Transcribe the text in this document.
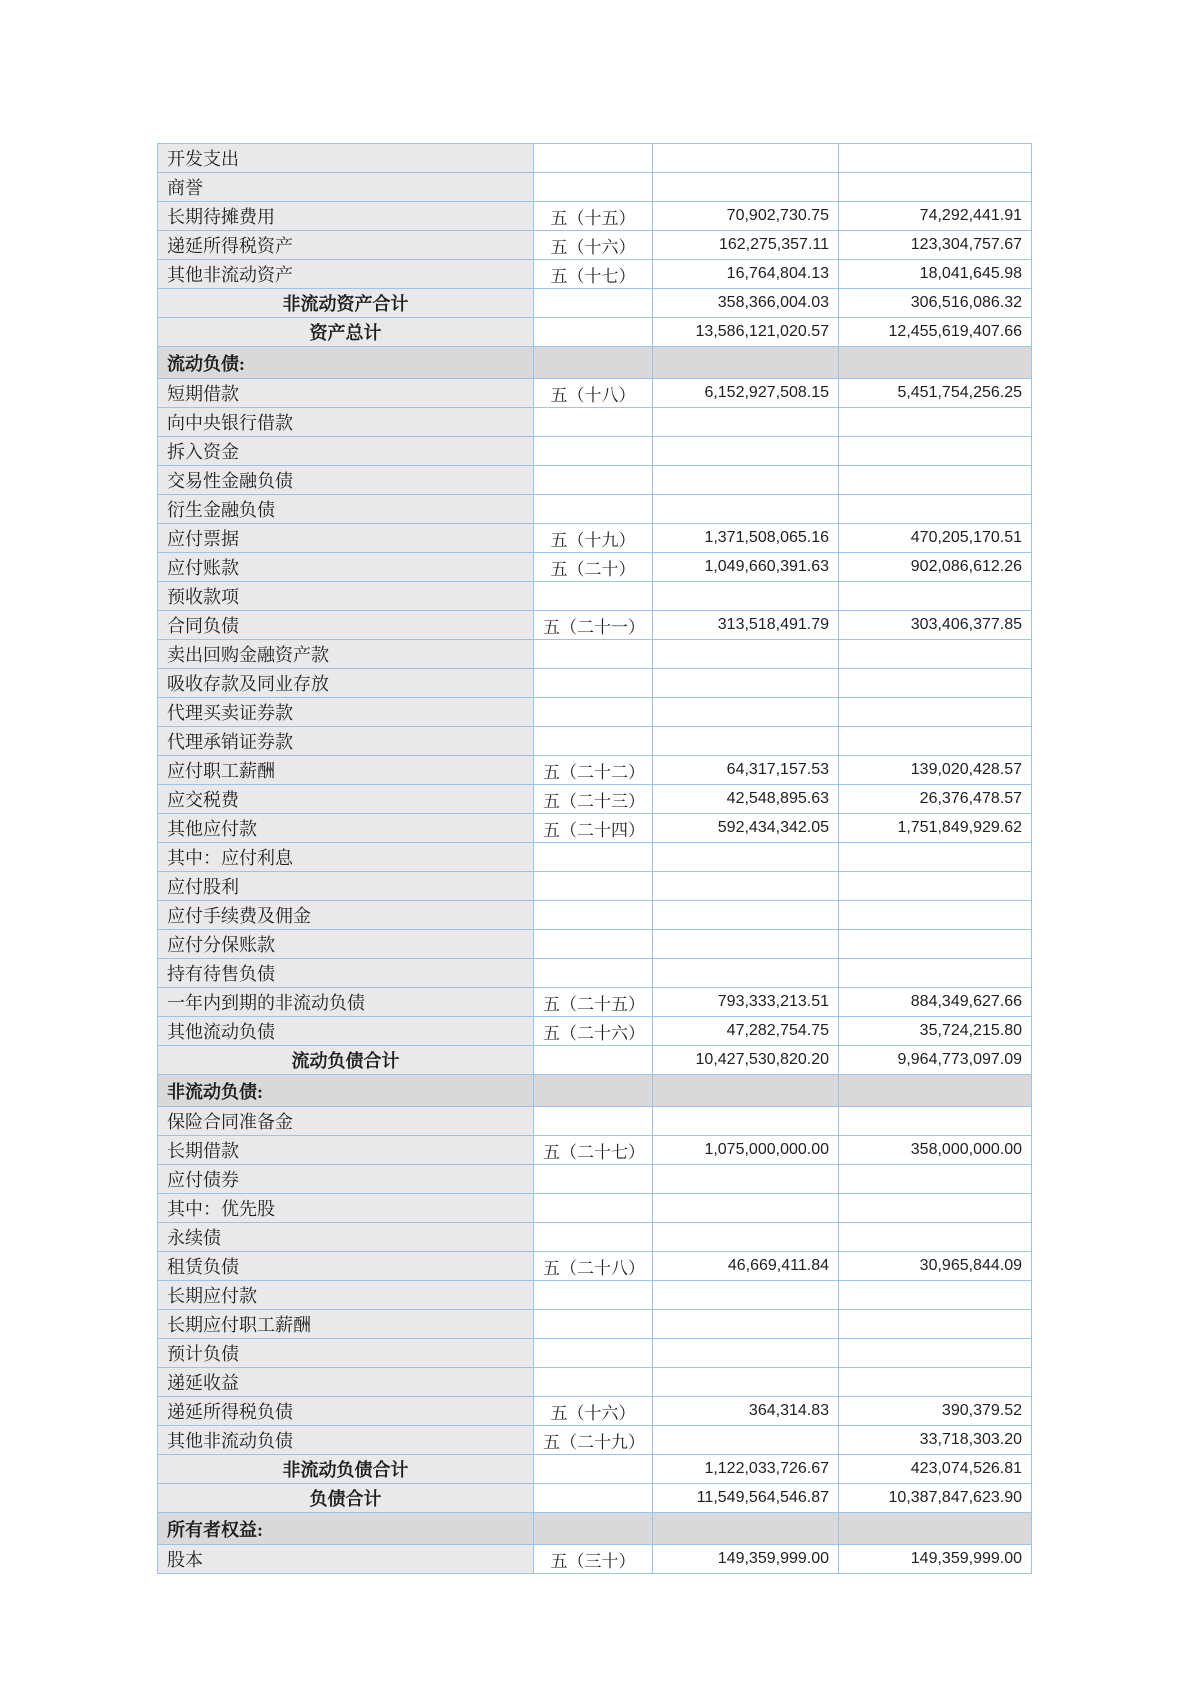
开发支出			
商誉			
长期待摊费用	五（十五）	70,902,730.75	74,292,441.91
递延所得税资产	五（十六）	162,275,357.11	123,304,757.67
其他非流动资产	五（十七）	16,764,804.13	18,041,645.98
非流动资产合计		358,366,004.03	306,516,086.32
资产总计		13,586,121,020.57	12,455,619,407.66
流动负债:			
短期借款	五（十八）	6,152,927,508.15	5,451,754,256.25
向中央银行借款			
拆入资金			
交易性金融负债			
衍生金融负债			
应付票据	五（十九）	1,371,508,065.16	470,205,170.51
应付账款	五（二十）	1,049,660,391.63	902,086,612.26
预收款项			
合同负债	五（二十一）	313,518,491.79	303,406,377.85
卖出回购金融资产款			
吸收存款及同业存放			
代理买卖证券款			
代理承销证券款			
应付职工薪酬	五（二十二）	64,317,157.53	139,020,428.57
应交税费	五（二十三）	42,548,895.63	26,376,478.57
其他应付款	五（二十四）	592,434,342.05	1,751,849,929.62
其中：应付利息			
应付股利			
应付手续费及佣金			
应付分保账款			
持有待售负债			
一年内到期的非流动负债	五（二十五）	793,333,213.51	884,349,627.66
其他流动负债	五（二十六）	47,282,754.75	35,724,215.80
流动负债合计		10,427,530,820.20	9,964,773,097.09
非流动负债:			
保险合同准备金			
长期借款	五（二十七）	1,075,000,000.00	358,000,000.00
应付债券			
其中：优先股			
永续债			
租赁负债	五（二十八）	46,669,411.84	30,965,844.09
长期应付款			
长期应付职工薪酬			
预计负债			
递延收益			
递延所得税负债	五（十六）	364,314.83	390,379.52
其他非流动负债	五（二十九）		33,718,303.20
非流动负债合计		1,122,033,726.67	423,074,526.81
负债合计		11,549,564,546.87	10,387,847,623.90
所有者权益:			
股本	五（三十）	149,359,999.00	149,359,999.00
